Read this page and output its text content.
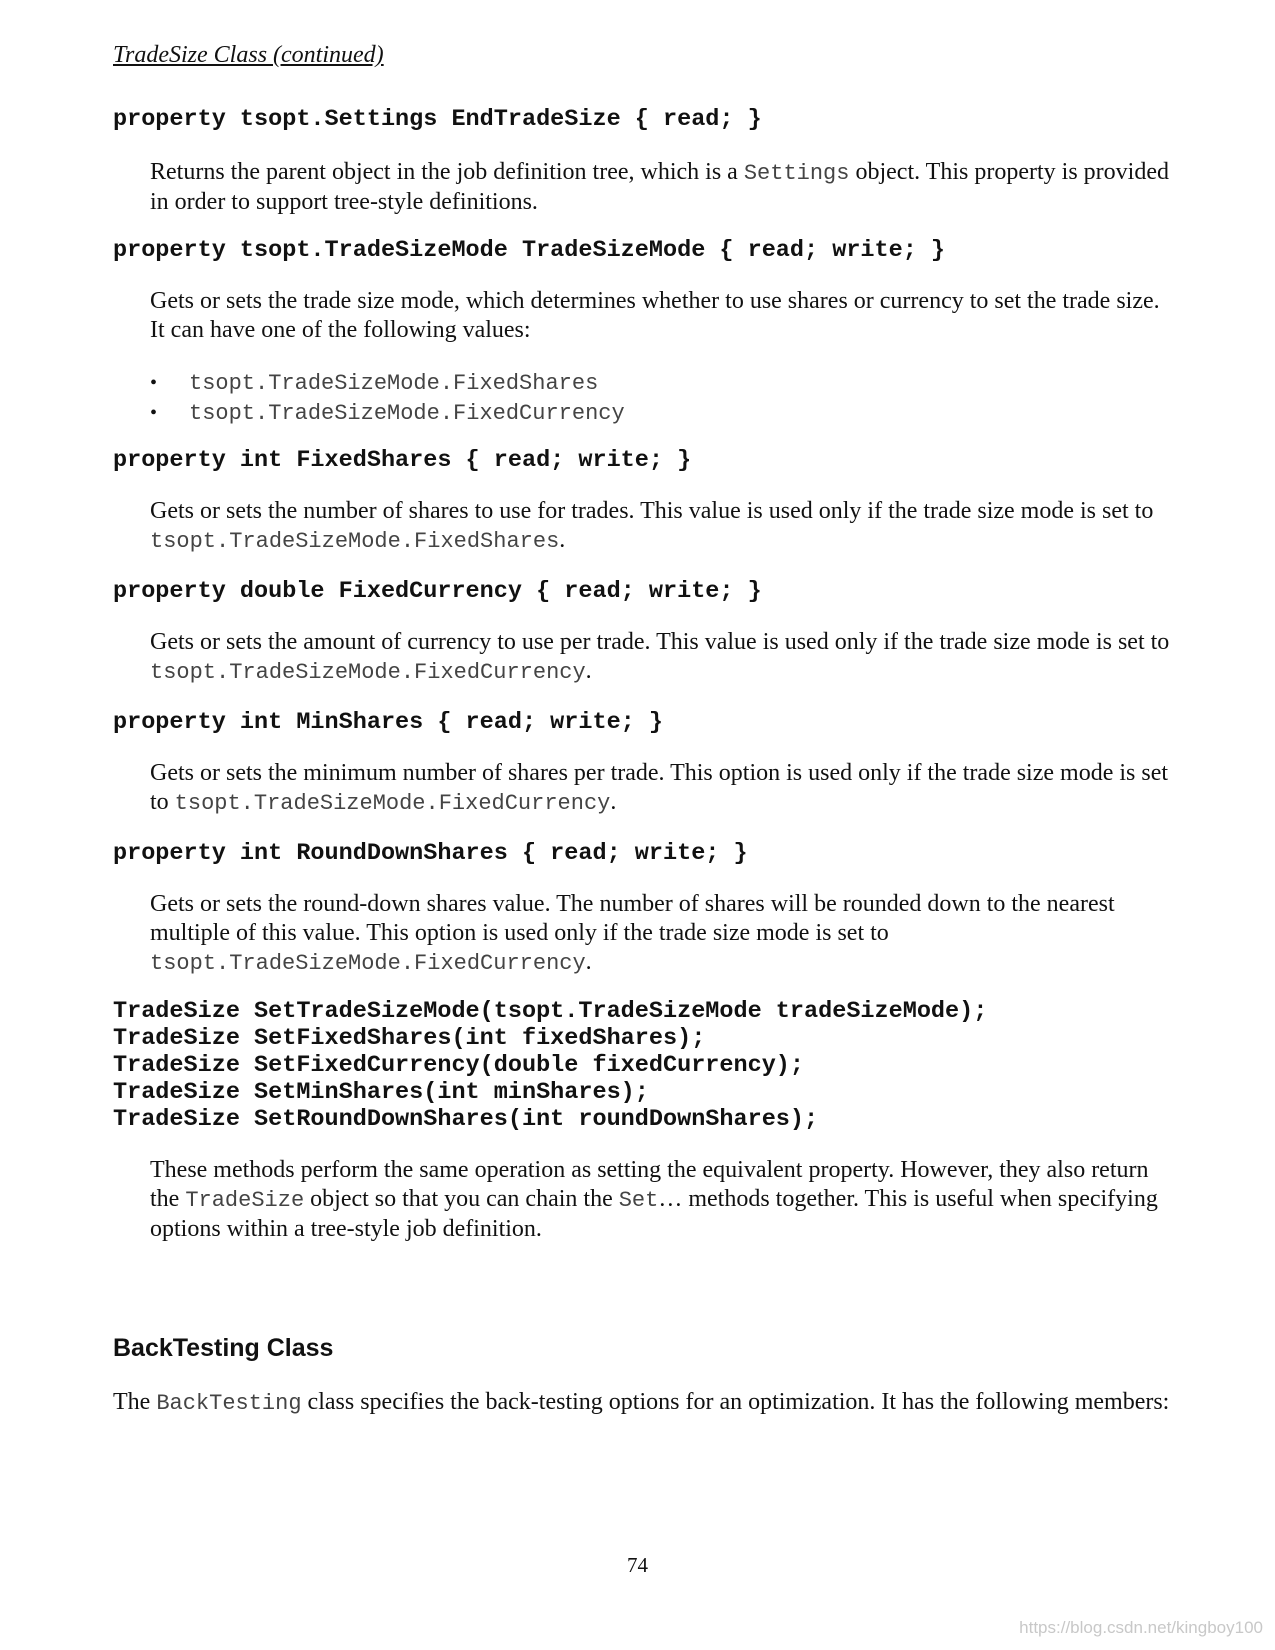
TradeSize Class (continued)
property tsopt.Settings EndTradeSize { read; }
Returns the parent object in the job definition tree, which is a Settings object. This property is provided in order to support tree-style definitions.
property tsopt.TradeSizeMode TradeSizeMode { read; write; }
Gets or sets the trade size mode, which determines whether to use shares or currency to set the trade size. It can have one of the following values:
• tsopt.TradeSizeMode.FixedShares
• tsopt.TradeSizeMode.FixedCurrency
property int FixedShares { read; write; }
Gets or sets the number of shares to use for trades. This value is used only if the trade size mode is set to tsopt.TradeSizeMode.FixedShares.
property double FixedCurrency { read; write; }
Gets or sets the amount of currency to use per trade. This value is used only if the trade size mode is set to tsopt.TradeSizeMode.FixedCurrency.
property int MinShares { read; write; }
Gets or sets the minimum number of shares per trade. This option is used only if the trade size mode is set to tsopt.TradeSizeMode.FixedCurrency.
property int RoundDownShares { read; write; }
Gets or sets the round-down shares value. The number of shares will be rounded down to the nearest multiple of this value. This option is used only if the trade size mode is set to tsopt.TradeSizeMode.FixedCurrency.
TradeSize SetTradeSizeMode(tsopt.TradeSizeMode tradeSizeMode);
TradeSize SetFixedShares(int fixedShares);
TradeSize SetFixedCurrency(double fixedCurrency);
TradeSize SetMinShares(int minShares);
TradeSize SetRoundDownShares(int roundDownShares);
These methods perform the same operation as setting the equivalent property. However, they also return the TradeSize object so that you can chain the Set… methods together. This is useful when specifying options within a tree-style job definition.
BackTesting Class
The BackTesting class specifies the back-testing options for an optimization. It has the following members:
74
https://blog.csdn.net/kingboy100
